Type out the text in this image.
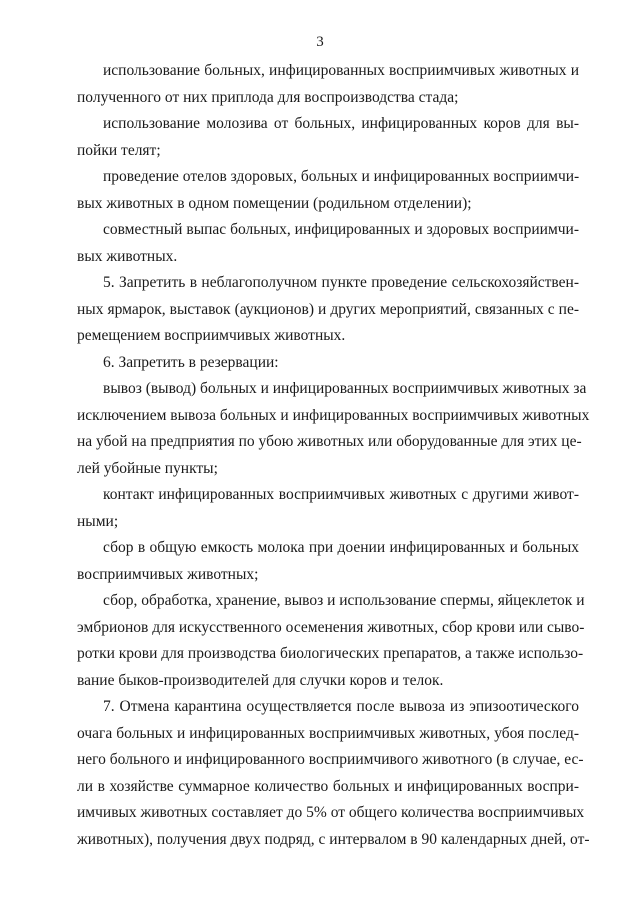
3
использование больных, инфицированных восприимчивых животных и
полученного от них приплода для воспроизводства стада;
использование молозива от больных, инфицированных коров для вы-
пойки телят;
проведение отелов здоровых, больных и инфицированных восприимчи-
вых животных в одном помещении (родильном отделении);
совместный выпас больных, инфицированных и здоровых восприимчи-
вых животных.
5. Запретить в неблагополучном пункте проведение сельскохозяйствен-
ных ярмарок, выставок (аукционов) и других мероприятий, связанных с пе-
ремещением восприимчивых животных.
6. Запретить в резервации:
вывоз (вывод) больных и инфицированных восприимчивых животных за
исключением вывоза больных и инфицированных восприимчивых животных
на убой на предприятия по убою животных или оборудованные для этих це-
лей убойные пункты;
контакт инфицированных восприимчивых животных с другими живот-
ными;
сбор в общую емкость молока при доении инфицированных и больных
восприимчивых животных;
сбор, обработка, хранение, вывоз и использование спермы, яйцеклеток и
эмбрионов для искусственного осеменения животных, сбор крови или сыво-
ротки крови для производства биологических препаратов, а также использо-
вание быков-производителей для случки коров и телок.
7. Отмена карантина осуществляется после вывоза из эпизоотического
очага больных и инфицированных восприимчивых животных, убоя послед-
него больного и инфицированного восприимчивого животного (в случае, ес-
ли в хозяйстве суммарное количество больных и инфицированных воспри-
имчивых животных составляет до 5% от общего количества восприимчивых
животных), получения двух подряд, с интервалом в 90 календарных дней, от-
